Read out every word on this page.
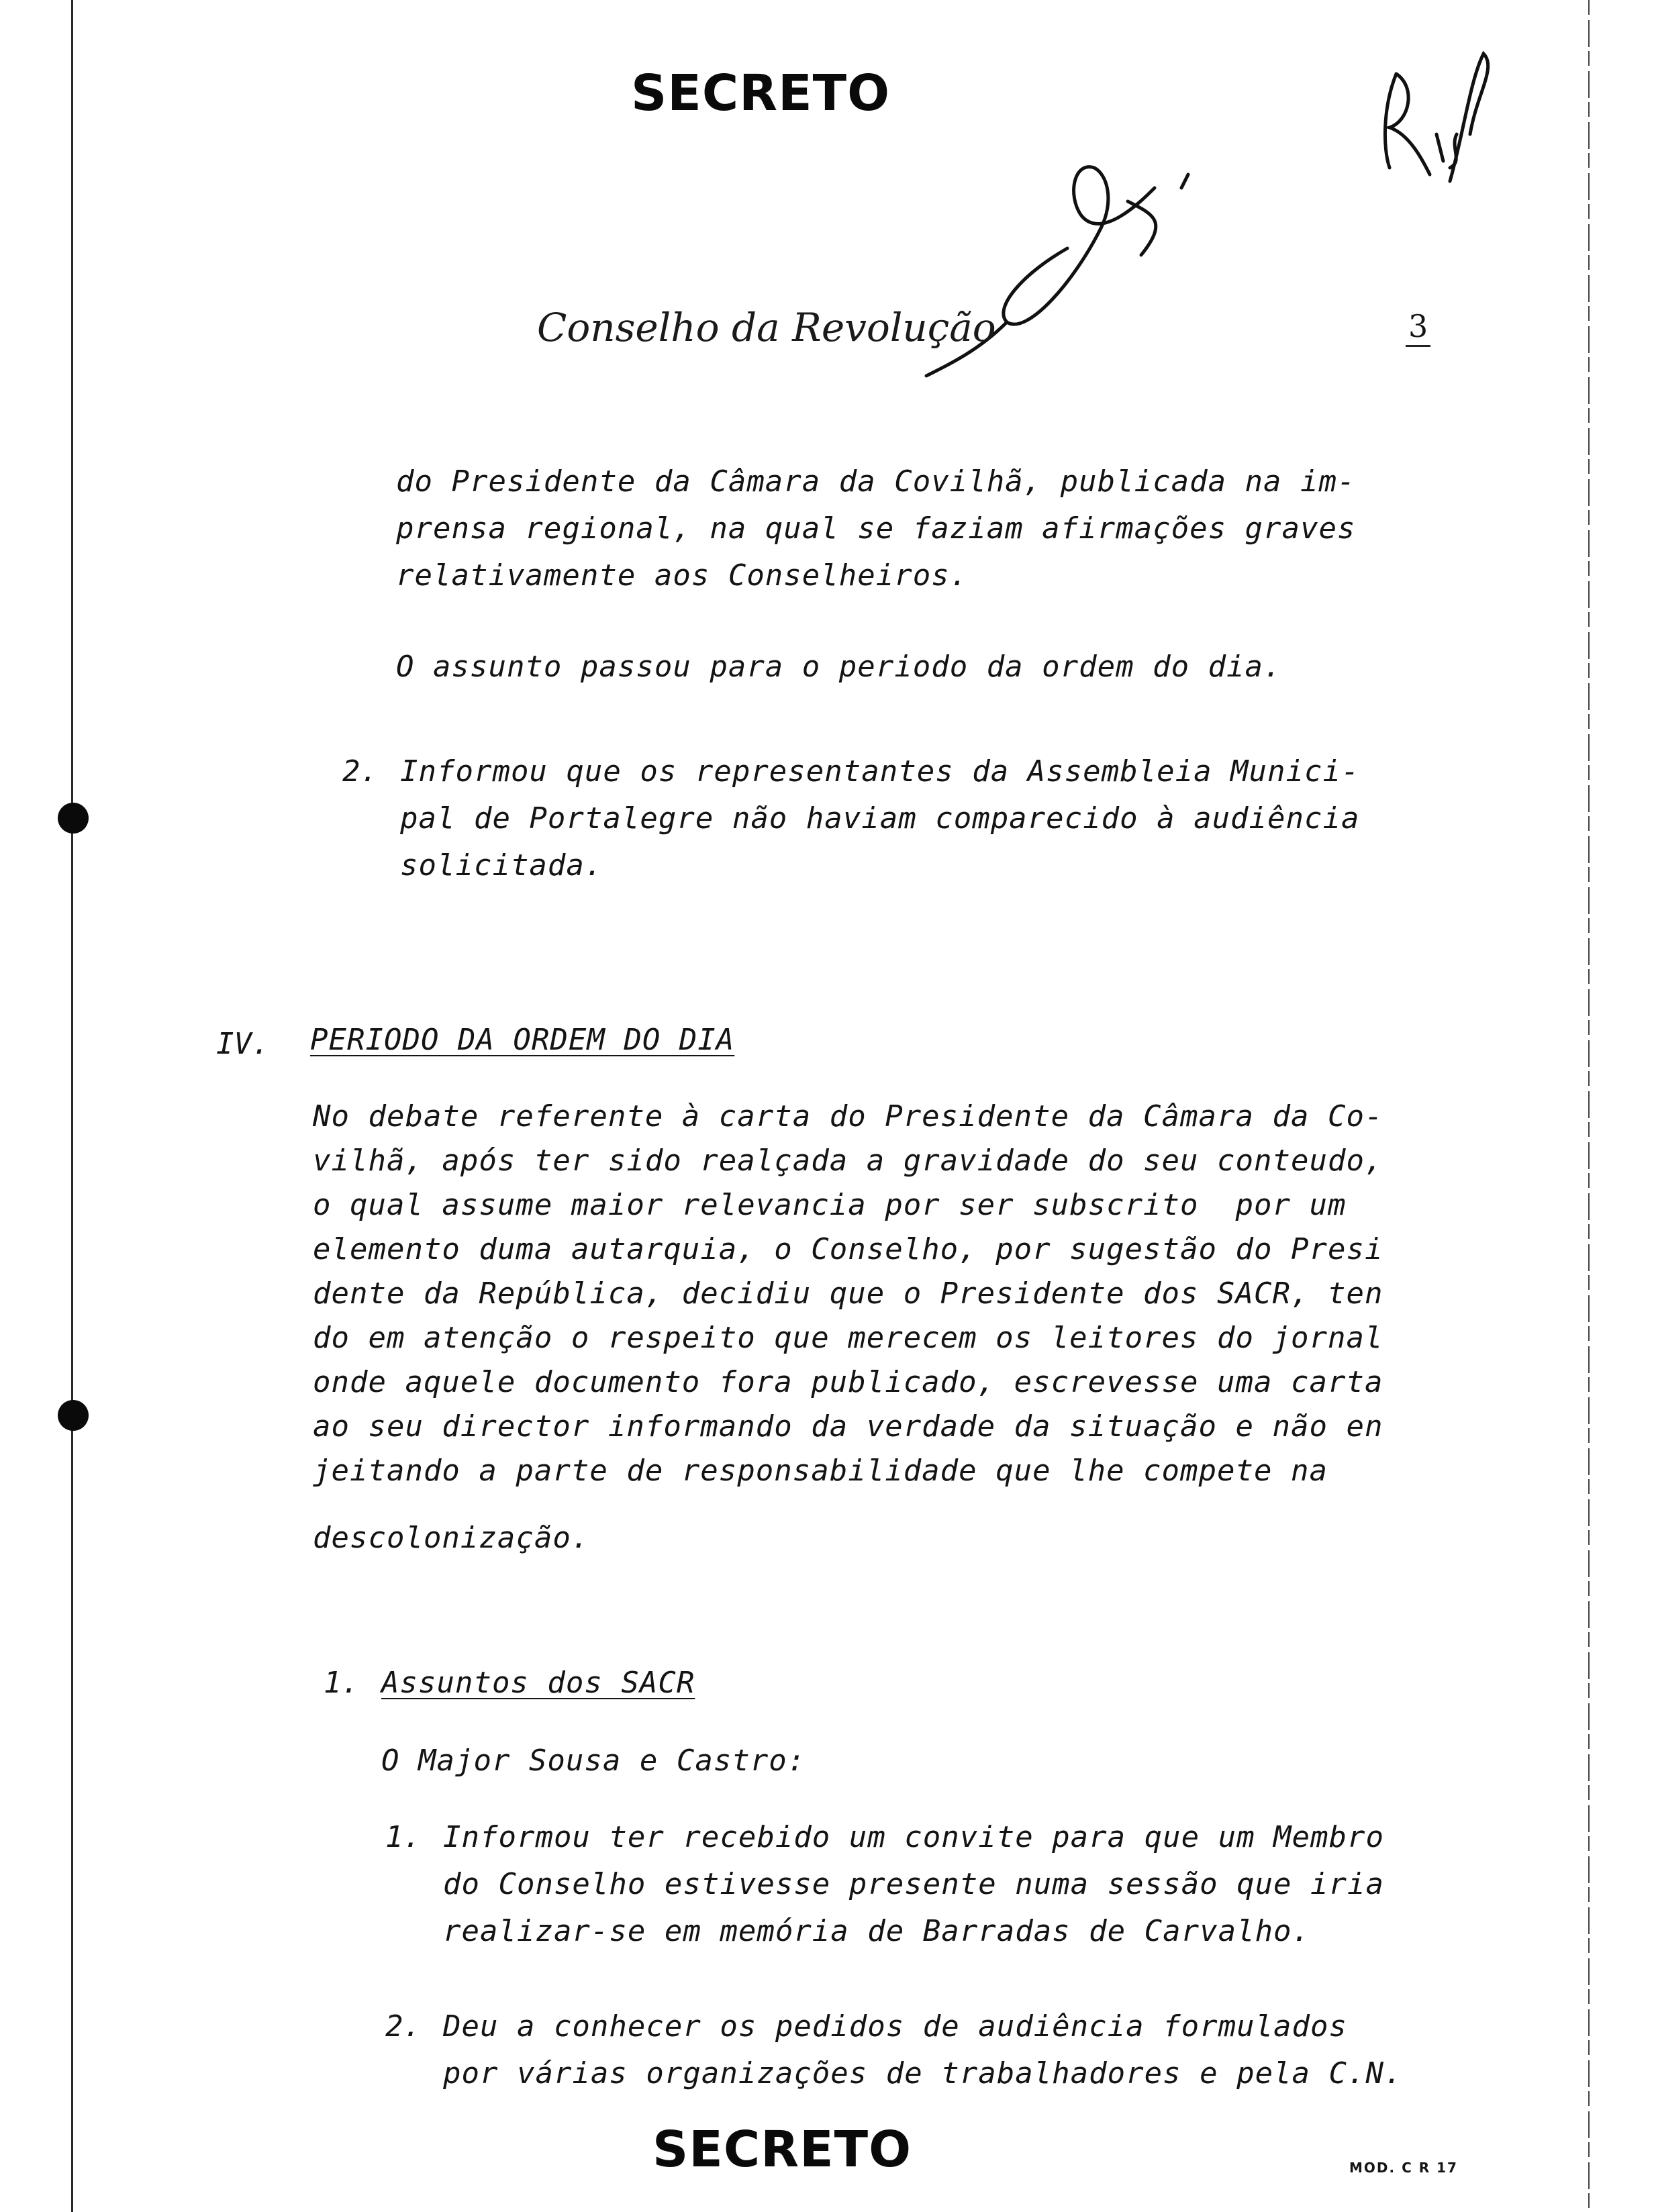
SECRETO
Conselho da Revolução	3
do Presidente da Câmara da Covilhã, publicada na im-
prensa regional, na qual se faziam afirmações graves
relativamente aos Conselheiros.
O assunto passou para o periodo da ordem do dia.
2. Informou que os representantes da Assembleia Munici-
pal de Portalegre não haviam comparecido à audiência
solicitada.
IV. PERIODO DA ORDEM DO DIA
No debate referente à carta do Presidente da Câmara da Co-
vilhã, após ter sido realçada a gravidade do seu conteudo,
o qual assume maior relevancia por ser subscrito  por um
elemento duma autarquia, o Conselho, por sugestão do Presi
dente da República, decidiu que o Presidente dos SACR, ten
do em atenção o respeito que merecem os leitores do jornal
onde aquele documento fora publicado, escrevesse uma carta
ao seu director informando da verdade da situação e não en
jeitando a parte de responsabilidade que lhe compete na
descolonização.
1. Assuntos dos SACR
O Major Sousa e Castro:
1. Informou ter recebido um convite para que um Membro
do Conselho estivesse presente numa sessão que iria
realizar-se em memória de Barradas de Carvalho.
2. Deu a conhecer os pedidos de audiência formulados
por várias organizações de trabalhadores e pela C.N.
SECRETO	MOD. C R 17
